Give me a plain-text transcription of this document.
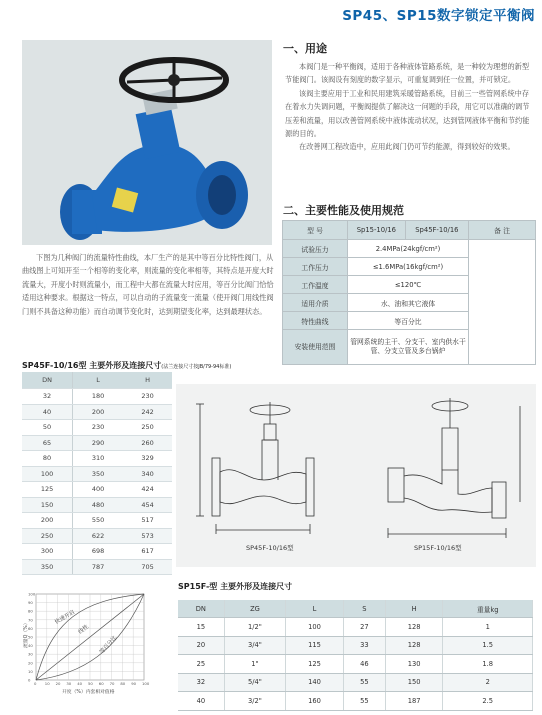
SP45、SP15数字锁定平衡阀
一、用途

本阀门是一种平衡阀，适用于各种液体管路系统，是一种较为理想的新型节能阀门。该阀设有刻度的数字显示，可重复调到任一位置，并可锁定。

该阀主要应用于工业和民用建筑采暖管路系统，目前三一些管网系统中存在着水力失调问题，平衡阀提供了解决这一问题的手段，用它可以准确的调节压差和流量，用以改善管网系统中液体流动状况，达到管网液体平衡和节约能源的目的。

在改善网工程改造中，应用此阀门仍可节约能源，得到较好的效果。

下图为几种阀门的流量特性曲线，本厂生产的是其中等百分比特性阀门，从曲线图上可知开至一个相等的变化率，则流量的变化率相等，其特点是开度大时流量大，开度小时则流量小，而工程中大都在流量大时应用，等百分比阀门恰恰适用这种要求。根据这一特点，可以自动的子流量变一流量（使开阀门用线性阀门则不具备这种功能）而自动调节变化时，达到期望变化率，达到最理状态。

二、主要性能及使用规范
型 号	Sp15-10/16	Sp45F-10/16	备 注
试验压力	2.4MPa(24kgf/cm²)		
工作压力	≤1.6MPa(16kgf/cm²)		
工作温度	≤120℃		
适用介质	水、油和其它液体		
特性曲线	等百分比		
安装使用范围	管网系统的主干、分支干、室内供水干管、分支立管及多台锅炉		
SP45F-10/16型 主要外形及连接尺寸(法兰连接尺寸按JB/79-94标准)
DN	L	H
32	180	230
40	200	242
50	230	250
65	290	260
80	310	329
100	350	340
125	400	424
150	480	454
200	550	517
250	622	573
300	698	617
350	787	705
SP45F-10/16型	SP15F-10/16型
0 10 20 30 40 50 60 70 80 90 100
100
90
80
70
60
50
40
30
20
10
0
快速开启
线性
等百分比
流量Q（%）
开度（%）内套相对值格
SP15F-型 主要外形及连接尺寸
DN	ZG	L	S	H	重量kg
15	1/2"	100	27	128	1
20	3/4"	115	33	128	1.5
25	1"	125	46	130	1.8
32	5/4"	140	55	150	2
40	3/2"	160	55	187	2.5
